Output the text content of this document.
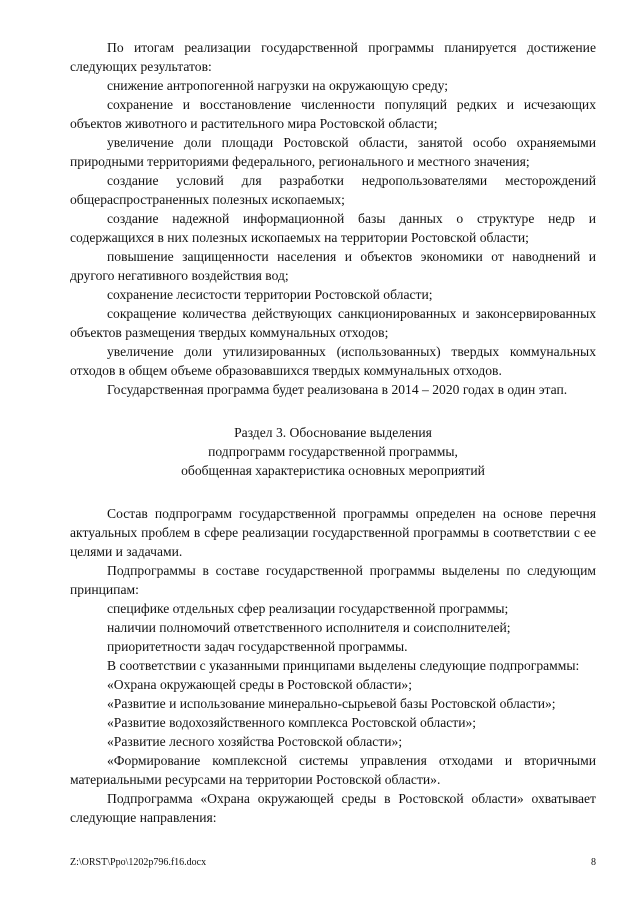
По итогам реализации государственной программы планируется достижение следующих результатов:

снижение антропогенной нагрузки на окружающую среду;

сохранение и восстановление численности популяций редких и исчезающих объектов животного и растительного мира Ростовской области;

увеличение доли площади Ростовской области, занятой особо охраняемыми природными территориями федерального, регионального и местного значения;

создание условий для разработки недропользователями месторождений общераспространенных полезных ископаемых;

создание надежной информационной базы данных о структуре недр и содержащихся в них полезных ископаемых на территории Ростовской области;

повышение защищенности населения и объектов экономики от наводнений и другого негативного воздействия вод;

сохранение лесистости территории Ростовской области;

сокращение количества действующих санкционированных и законсервированных объектов размещения твердых коммунальных отходов;

увеличение доли утилизированных (использованных) твердых коммунальных отходов в общем объеме образовавшихся твердых коммунальных отходов.

Государственная программа будет реализована в 2014 – 2020 годах в один этап.

Раздел 3. Обоснование выделения

подпрограмм государственной программы,

обобщенная характеристика основных мероприятий

Состав подпрограмм государственной программы определен на основе перечня актуальных проблем в сфере реализации государственной программы в соответствии с ее целями и задачами.

Подпрограммы в составе государственной программы выделены по следующим принципам:

специфике отдельных сфер реализации государственной программы;

наличии полномочий ответственного исполнителя и соисполнителей;

приоритетности задач государственной программы.

В соответствии с указанными принципами выделены следующие подпрограммы:

«Охрана окружающей среды в Ростовской области»;

«Развитие и использование минерально-сырьевой базы Ростовской области»;

«Развитие водохозяйственного комплекса Ростовской области»;

«Развитие лесного хозяйства Ростовской области»;

«Формирование комплексной системы управления отходами и вторичными материальными ресурсами на территории Ростовской области».

Подпрограмма «Охрана окружающей среды в Ростовской области» охватывает следующие направления:

Z:\ORST\Ppo\1202p796.f16.docx	8
